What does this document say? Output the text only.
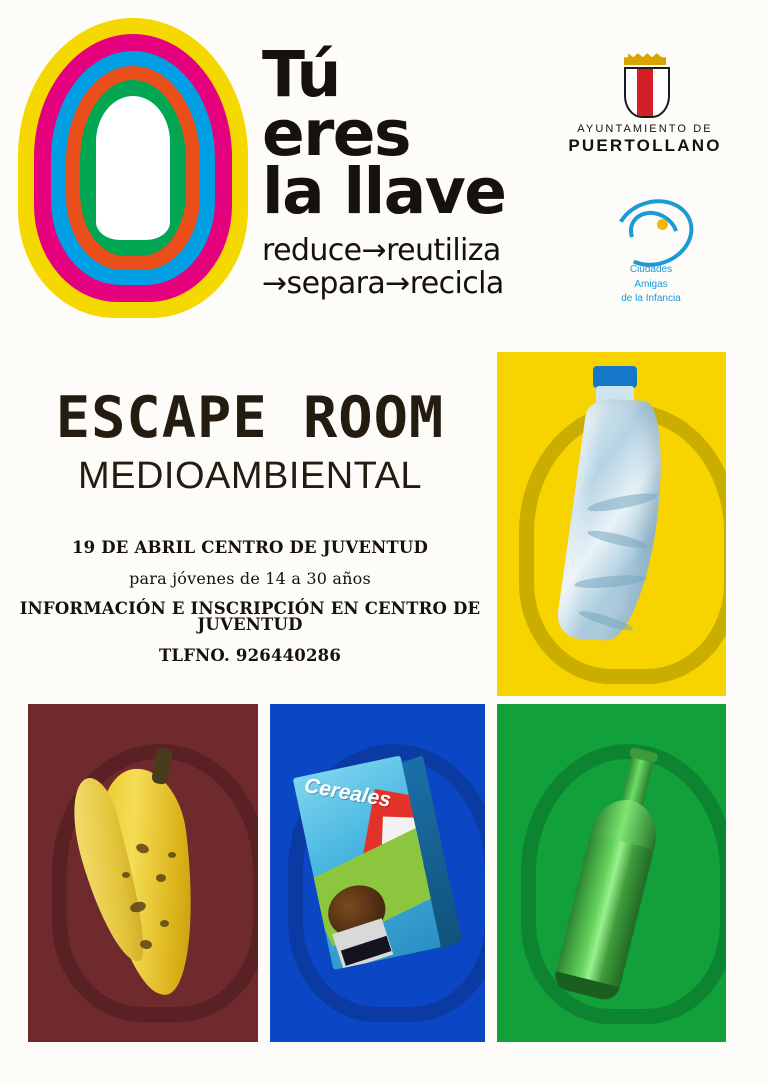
Tú
eres
la llave
reduce→reutiliza
→separa→recicla
AYUNTAMIENTO DE
PUERTOLLANO
Ciudades
Amigas
de la Infancia
ESCAPE ROOM
MEDIOAMBIENTAL
19 DE ABRIL CENTRO DE JUVENTUD
para jóvenes de 14 a 30 años
INFORMACIÓN E INSCRIPCIÓN EN CENTRO DE JUVENTUD
TLFNO. 926440286
Cereales
